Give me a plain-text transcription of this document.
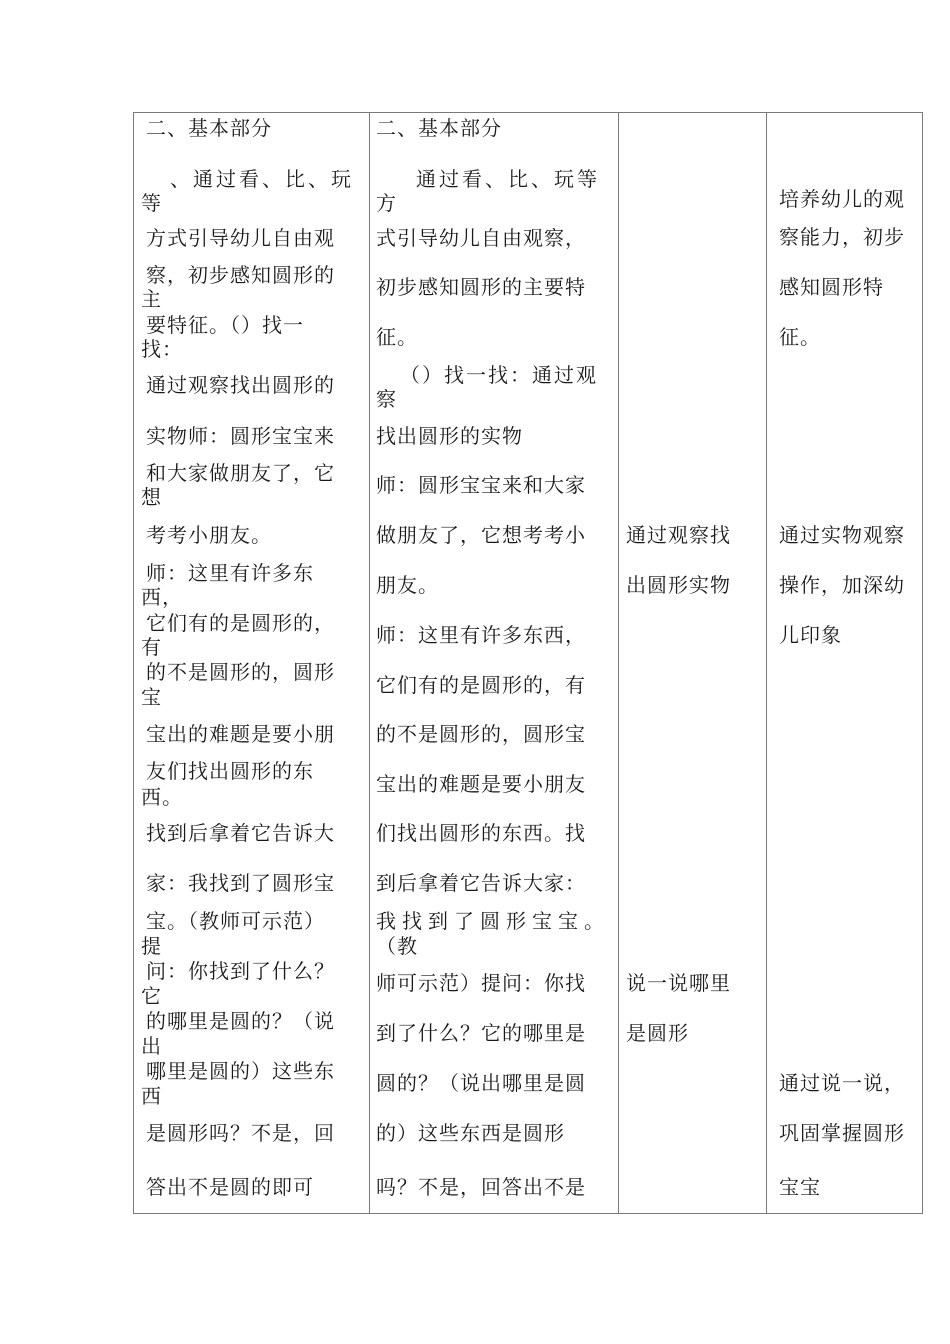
二、基本部分
、通过看、比、玩
等
方式引导幼儿自由观
察，初步感知圆形的
主
要特征。（）找一
找：
通过观察找出圆形的
实物师：圆形宝宝来
和大家做朋友了，它
想
考考小朋友。
师：这里有许多东
西，
它们有的是圆形的，
有
的不是圆形的，圆形
宝
宝出的难题是要小朋
友们找出圆形的东
西。
找到后拿着它告诉大
家：我找到了圆形宝
宝。（教师可示范）
提
问：你找到了什么？
它
的哪里是圆的？（说
出
哪里是圆的）这些东
西
是圆形吗？不是，回
答出不是圆的即可
二、基本部分
通过看、比、玩等
方
式引导幼儿自由观察，
初步感知圆形的主要特
征。
（）找一找：通过观
察
找出圆形的实物
师：圆形宝宝来和大家
做朋友了，它想考考小
朋友。
师：这里有许多东西，
它们有的是圆形的，有
的不是圆形的，圆形宝
宝出的难题是要小朋友
们找出圆形的东西。找
到后拿着它告诉大家：
我找到了圆形宝宝。
（教
师可示范）提问：你找
到了什么？它的哪里是
圆的？（说出哪里是圆
的）这些东西是圆形
吗？不是，回答出不是
通过观察找
出圆形实物
说一说哪里
是圆形
培养幼儿的观
察能力，初步
感知圆形特
征。
通过实物观察
操作，加深幼
儿印象
通过说一说，
巩固掌握圆形
宝宝
